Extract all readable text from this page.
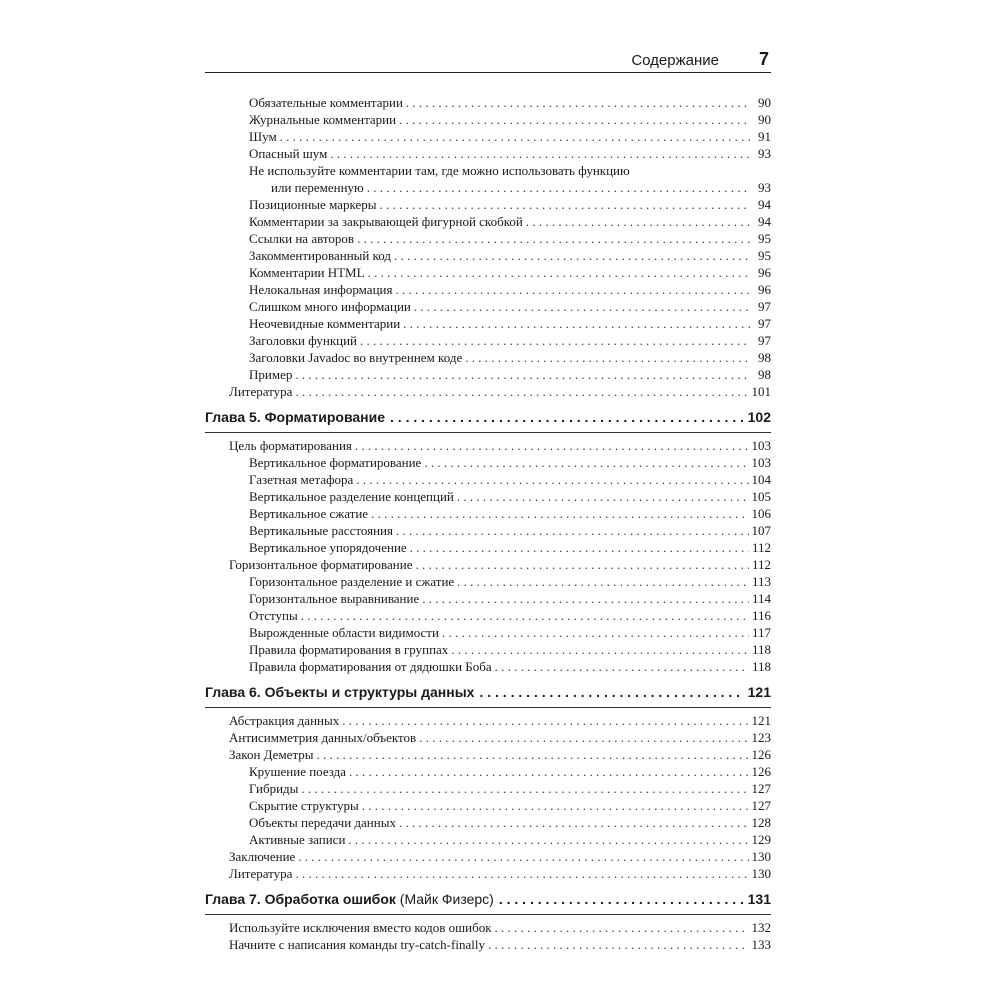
Содержание 7
Обязательные комментарии . . .	90
Журнальные комментарии . . .	90
Шум . . .	91
Опасный шум . . .	93
Не используйте комментарии там, где можно использовать функцию
или переменную . . .	93
Позиционные маркеры . . .	94
Комментарии за закрывающей фигурной скобкой . . .	94
Ссылки на авторов . . .	95
Закомментированный код . . .	95
Комментарии HTML . . .	96
Нелокальная информация . . .	96
Слишком много информации . . .	97
Неочевидные комментарии . . .	97
Заголовки функций . . .	97
Заголовки Javadoc во внутреннем коде . . .	98
Пример . . .	98
Литература . . .	101
Глава 5. Форматирование . . .	102
Цель форматирования . . .	103
Вертикальное форматирование . . .	103
Газетная метафора . . .	104
Вертикальное разделение концепций . . .	105
Вертикальное сжатие . . .	106
Вертикальные расстояния . . .	107
Вертикальное упорядочение . . .	112
Горизонтальное форматирование . . .	112
Горизонтальное разделение и сжатие . . .	113
Горизонтальное выравнивание . . .	114
Отступы . . .	116
Вырожденные области видимости . . .	117
Правила форматирования в группах . . .	118
Правила форматирования от дядюшки Боба . . .	118
Глава 6. Объекты и структуры данных . . .	121
Абстракция данных . . .	121
Антисимметрия данных/объектов . . .	123
Закон Деметры . . .	126
Крушение поезда . . .	126
Гибриды . . .	127
Скрытие структуры . . .	127
Объекты передачи данных . . .	128
Активные записи . . .	129
Заключение . . .	130
Литература . . .	130
Глава 7. Обработка ошибок (Майк Физерс) . . .	131
Используйте исключения вместо кодов ошибок . . .	132
Начните с написания команды try-catch-finally . . .	133
